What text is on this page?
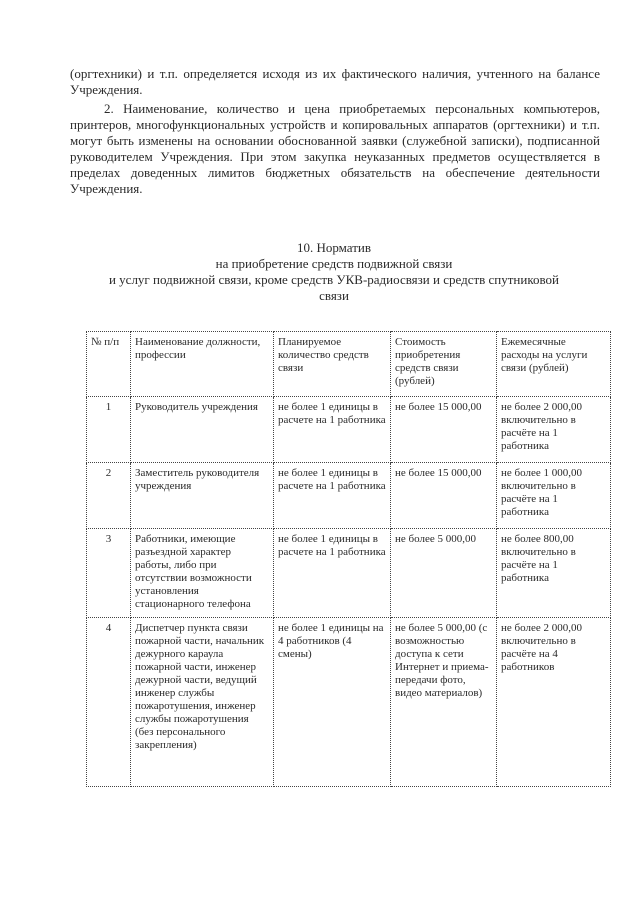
(оргтехники) и т.п. определяется исходя из их фактического наличия, учтенного на балансе Учреждения.

2. Наименование, количество и цена приобретаемых персональных компьютеров, принтеров, многофункциональных устройств и копировальных аппаратов (оргтехники) и т.п. могут быть изменены на основании обоснованной заявки (служебной записки), подписанной руководителем Учреждения. При этом закупка неуказанных предметов осуществляется в пределах доведенных лимитов бюджетных обязательств на обеспечение деятельности Учреждения.

10. Норматив
на приобретение средств подвижной связи
и услуг подвижной связи, кроме средств УКВ-радиосвязи и средств спутниковой
связи
№ п/п	Наименование должности, профессии	Планируемое количество средств связи	Стоимость приобретения средств связи (рублей)	Ежемесячные расходы на услуги связи (рублей)
1	Руководитель учреждения	не более 1 единицы в расчете на 1 работника	не более 15 000,00	не более 2 000,00 включительно в расчёте на 1 работника
2	Заместитель руководителя учреждения	не более 1 единицы в расчете на 1 работника	не более 15 000,00	не более 1 000,00 включительно в расчёте на 1 работника
3	Работники, имеющие разъездной характер работы, либо при отсутствии возможности установления стационарного телефона	не более 1 единицы в расчете на 1 работника	не более 5 000,00	не более 800,00 включительно в расчёте на 1 работника
4	Диспетчер пункта связи пожарной части, начальник дежурного караула пожарной части, инженер дежурной части, ведущий инженер службы пожаротушения, инженер службы пожаротушения (без персонального закрепления)	не более 1 единицы на 4 работников (4 смены)	не более 5 000,00 (с возможностью доступа к сети Интернет и приема-передачи фото, видео материалов)	не более 2 000,00 включительно в расчёте на 4 работников
